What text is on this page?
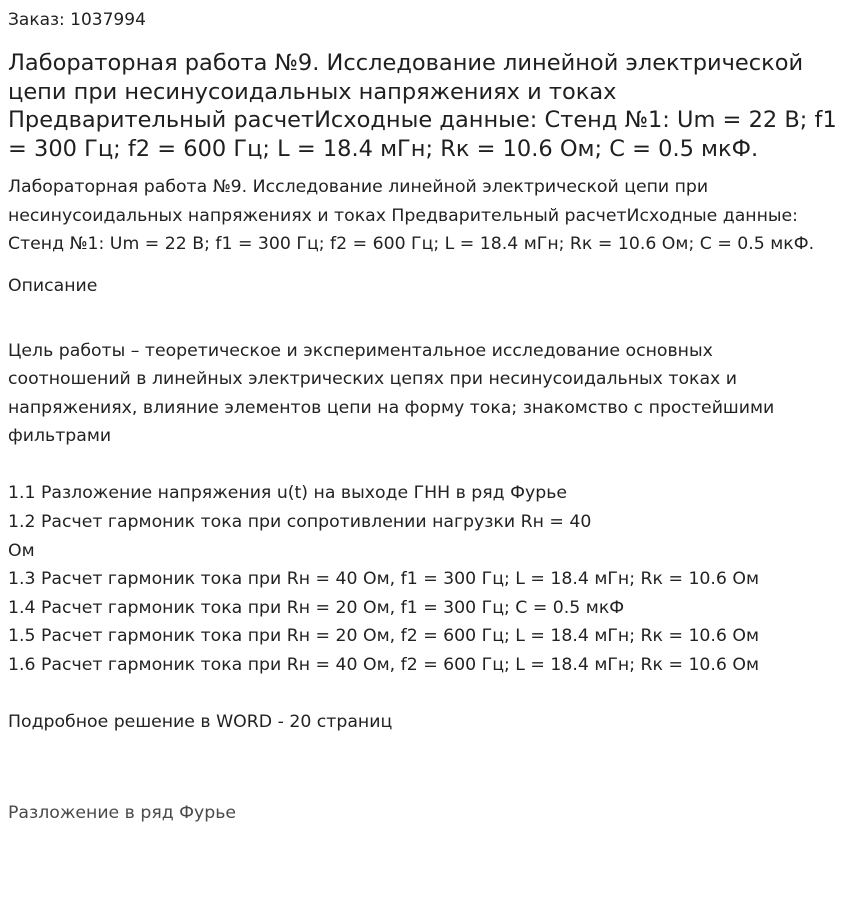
Заказ: 1037994
Лабораторная работа №9. Исследование линейной электрической цепи при несинусоидальных напряжениях и токах Предварительный расчетИсходные данные: Стенд №1: Um = 22 В; f1 = 300 Гц; f2 = 600 Гц; L = 18.4 мГн; Rк = 10.6 Ом; C = 0.5 мкФ.
Лабораторная работа №9. Исследование линейной электрической цепи при несинусоидальных напряжениях и токах Предварительный расчетИсходные данные: Стенд №1: Um = 22 В; f1 = 300 Гц; f2 = 600 Гц; L = 18.4 мГн; Rк = 10.6 Ом; C = 0.5 мкФ.
Описание

Цель работы – теоретическое и экспериментальное исследование основных соотношений в линейных электрических цепях при несинусоидальных токах и напряжениях, влияние элементов цепи на форму тока; знакомство с простейшими фильтрами

1.1 Разложение напряжения u(t) на выходе ГНН в ряд Фурье
1.2 Расчет гармоник тока при сопротивлении нагрузки Rн = 40
Ом
1.3 Расчет гармоник тока при Rн = 40 Ом, f1 = 300 Гц; L = 18.4 мГн; Rк = 10.6 Ом
1.4 Расчет гармоник тока при Rн = 20 Ом, f1 = 300 Гц; C = 0.5 мкФ
1.5 Расчет гармоник тока при Rн = 20 Ом, f2 = 600 Гц; L = 18.4 мГн; Rк = 10.6 Ом
1.6 Расчет гармоник тока при Rн = 40 Ом, f2 = 600 Гц; L = 18.4 мГн; Rк = 10.6 Ом
Подробное решение в WORD - 20 страниц
Разложение в ряд Фурье
